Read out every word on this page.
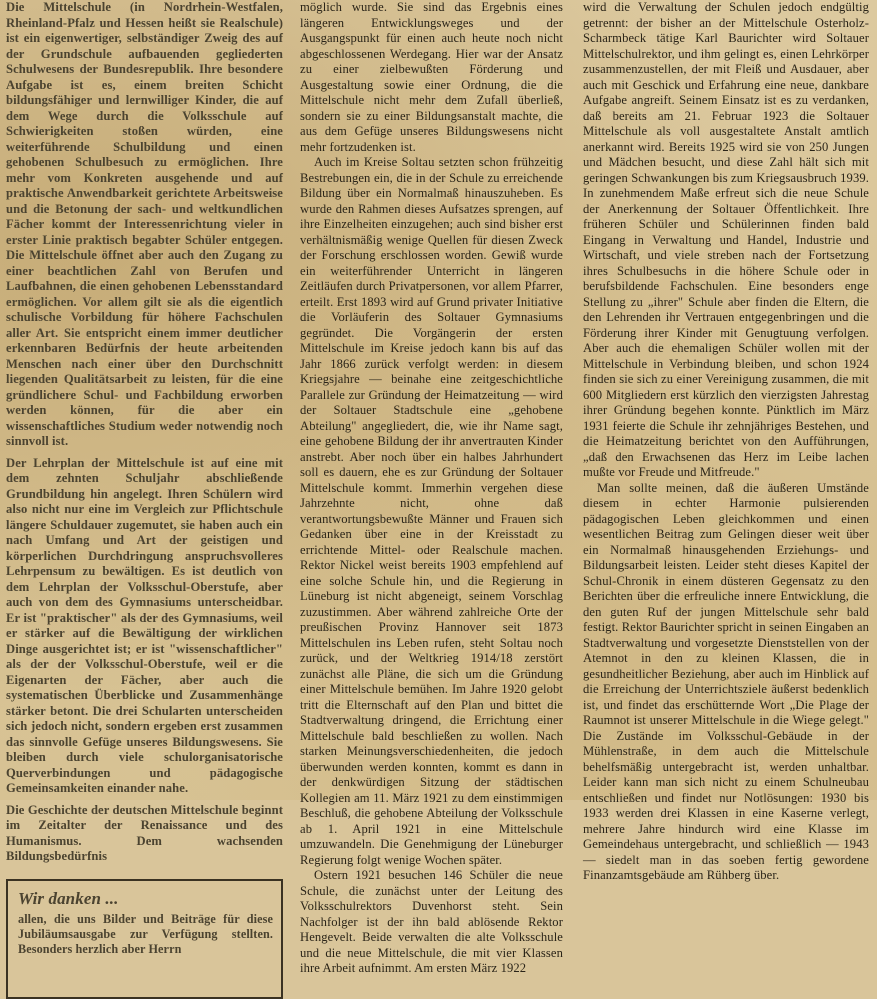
Die Mittelschule (in Nordrhein-Westfalen, Rheinland-Pfalz und Hessen heißt sie Realschule) ist ein eigenwertiger, selbständiger Zweig des auf der Grundschule aufbauenden gegliederten Schulwesens der Bundesrepublik. Ihre besondere Aufgabe ist es, einem breiten Schicht bildungsfähiger und lernwilliger Kinder, die auf dem Wege durch die Volksschule auf Schwierigkeiten stoßen würden, eine weiterführende Schulbildung und einen gehobenen Schulbesuch zu ermöglichen. Ihre mehr vom Konkreten ausgehende und auf praktische Anwendbarkeit gerichtete Arbeitsweise und die Betonung der sach- und weltkundlichen Fächer kommt der Interessenrichtung vieler in erster Linie praktisch begabter Schüler entgegen. Die Mittelschule öffnet aber auch den Zugang zu einer beachtlichen Zahl von Berufen und Laufbahnen, die einen gehobenen Lebensstandard ermöglichen. Vor allem gilt sie als die eigentlich schulische Vorbildung für höhere Fachschulen aller Art. Sie entspricht einem immer deutlicher erkennbaren Bedürfnis der heute arbeitenden Menschen nach einer über den Durchschnitt liegenden Qualitätsarbeit zu leisten, für die eine gründlichere Schul- und Fachbildung erworben werden können, für die aber ein wissenschaftliches Studium weder notwendig noch sinnvoll ist.

Der Lehrplan der Mittelschule ist auf eine mit dem zehnten Schuljahr abschließende Grundbildung hin angelegt. Ihren Schülern wird also nicht nur eine im Vergleich zur Pflichtschule längere Schuldauer zugemutet, sie haben auch ein nach Umfang und Art der geistigen und körperlichen Durchdringung anspruchsvolleres Lehrpensum zu bewältigen. Es ist deutlich von dem Lehrplan der Volksschul-Oberstufe, aber auch von dem des Gymnasiums unterscheidbar. Er ist "praktischer" als der des Gymnasiums, weil er stärker auf die Bewältigung der wirklichen Dinge ausgerichtet ist; er ist "wissenschaftlicher" als der der Volksschul-Oberstufe, weil er die Eigenarten der Fächer, aber auch die systematischen Überblicke und Zusammenhänge stärker betont. Die drei Schularten unterscheiden sich jedoch nicht, sondern ergeben erst zusammen das sinnvolle Gefüge unseres Bildungswesens. Sie bleiben durch viele schulorganisatorische Querverbindungen und pädagogische Gemeinsamkeiten einander nahe.

Die Geschichte der deutschen Mittelschule beginnt im Zeitalter der Renaissance und des Humanismus. Dem wachsenden Bildungsbedürfnis

Wir danken ...
allen, die uns Bilder und Beiträge für diese Jubiläumsausgabe zur Verfügung stellten. Besonders herzlich aber Herrn

möglich wurde. Sie sind das Ergebnis eines längeren Entwicklungsweges und der Ausgangspunkt für einen auch heute noch nicht abgeschlossenen Werdegang. Hier war der Ansatz zu einer zielbewußten Förderung und Ausgestaltung sowie einer Ordnung, die die Mittelschule nicht mehr dem Zufall überließ, sondern sie zu einer Bildungsanstalt machte, die aus dem Gefüge unseres Bildungswesens nicht mehr fortzudenken ist.

Auch im Kreise Soltau setzten schon frühzeitig Bestrebungen ein, die in der Schule zu erreichende Bildung über ein Normalmaß hinauszuheben. Es wurde den Rahmen dieses Aufsatzes sprengen, auf ihre Einzelheiten einzugehen; auch sind bisher erst verhältnismäßig wenige Quellen für diesen Zweck der Forschung erschlossen worden. Gewiß wurde ein weiterführender Unterricht in längeren Zeitläufen durch Privatpersonen, vor allem Pfarrer, erteilt. Erst 1893 wird auf Grund privater Initiative die Vorläuferin des Soltauer Gymnasiums gegründet. Die Vorgängerin der ersten Mittelschule im Kreise jedoch kann bis auf das Jahr 1866 zurück verfolgt werden: in diesem Kriegsjahre — beinahe eine zeitgeschichtliche Parallele zur Gründung der Heimatzeitung — wird der Soltauer Stadtschule eine „gehobene Abteilung" angegliedert, die, wie ihr Name sagt, eine gehobene Bildung der ihr anvertrauten Kinder anstrebt. Aber noch über ein halbes Jahrhundert soll es dauern, ehe es zur Gründung der Soltauer Mittelschule kommt. Immerhin vergehen diese Jahrzehnte nicht, ohne daß verantwortungsbewußte Männer und Frauen sich Gedanken über eine in der Kreisstadt zu errichtende Mittel- oder Realschule machen. Rektor Nickel weist bereits 1903 empfehlend auf eine solche Schule hin, und die Regierung in Lüneburg ist nicht abgeneigt, seinem Vorschlag zuzustimmen. Aber während zahlreiche Orte der preußischen Provinz Hannover seit 1873 Mittelschulen ins Leben rufen, steht Soltau noch zurück, und der Weltkrieg 1914/18 zerstört zunächst alle Pläne, die sich um die Gründung einer Mittelschule bemühen. Im Jahre 1920 gelobt tritt die Elternschaft auf den Plan und bittet die Stadtverwaltung dringend, die Errichtung einer Mittelschule bald beschließen zu wollen. Nach starken Meinungsverschiedenheiten, die jedoch überwunden werden konnten, kommt es dann in der denkwürdigen Sitzung der städtischen Kollegien am 11. März 1921 zu dem einstimmigen Beschluß, die gehobene Abteilung der Volksschule ab 1. April 1921 in eine Mittelschule umzuwandeln. Die Genehmigung der Lüneburger Regierung folgt wenige Wochen später.

Ostern 1921 besuchen 146 Schüler die neue Schule, die zunächst unter der Leitung des Volksschulrektors Duvenhorst steht. Sein Nachfolger ist der ihn bald ablösende Rektor Hengevelt. Beide verwalten die alte Volksschule und die neue Mittelschule, die mit vier Klassen ihre Arbeit aufnimmt. Am ersten März 1922

wird die Verwaltung der Schulen jedoch endgültig getrennt: der bisher an der Mittelschule Osterholz-Scharmbeck tätige Karl Baurichter wird Soltauer Mittelschulrektor, und ihm gelingt es, einen Lehrkörper zusammenzustellen, der mit Fleiß und Ausdauer, aber auch mit Geschick und Erfahrung eine neue, dankbare Aufgabe angreift. Seinem Einsatz ist es zu verdanken, daß bereits am 21. Februar 1923 die Soltauer Mittelschule als voll ausgestaltete Anstalt amtlich anerkannt wird. Bereits 1925 wird sie von 250 Jungen und Mädchen besucht, und diese Zahl hält sich mit geringen Schwankungen bis zum Kriegsausbruch 1939. In zunehmendem Maße erfreut sich die neue Schule der Anerkennung der Soltauer Öffentlichkeit. Ihre früheren Schüler und Schülerinnen finden bald Eingang in Verwaltung und Handel, Industrie und Wirtschaft, und viele streben nach der Fortsetzung ihres Schulbesuchs in die höhere Schule oder in berufsbildende Fachschulen. Eine besonders enge Stellung zu „ihrer" Schule aber finden die Eltern, die den Lehrenden ihr Vertrauen entgegenbringen und die Förderung ihrer Kinder mit Genugtuung verfolgen. Aber auch die ehemaligen Schüler wollen mit der Mittelschule in Verbindung bleiben, und schon 1924 finden sie sich zu einer Vereinigung zusammen, die mit 600 Mitgliedern erst kürzlich den vierzigsten Jahrestag ihrer Gründung begehen konnte. Pünktlich im März 1931 feierte die Schule ihr zehnjähriges Bestehen, und die Heimatzeitung berichtet von den Aufführungen, „daß den Erwachsenen das Herz im Leibe lachen mußte vor Freude und Mitfreude."

Man sollte meinen, daß die äußeren Umstände diesem in echter Harmonie pulsierenden pädagogischen Leben gleichkommen und einen wesentlichen Beitrag zum Gelingen dieser weit über ein Normalmaß hinausgehenden Erziehungs- und Bildungsarbeit leisten. Leider steht dieses Kapitel der Schul-Chronik in einem düsteren Gegensatz zu den Berichten über die erfreuliche innere Entwicklung, die den guten Ruf der jungen Mittelschule sehr bald festigt. Rektor Baurichter spricht in seinen Eingaben an Stadtverwaltung und vorgesetzte Dienststellen von der Atemnot in den zu kleinen Klassen, die in gesundheitlicher Beziehung, aber auch im Hinblick auf die Erreichung der Unterrichtsziele äußerst bedenklich ist, und findet das erschütternde Wort „Die Plage der Raumnot ist unserer Mittelschule in die Wiege gelegt." Die Zustände im Volksschul-Gebäude in der Mühlenstraße, in dem auch die Mittelschule behelfsmäßig untergebracht ist, werden unhaltbar. Leider kann man sich nicht zu einem Schulneubau entschließen und findet nur Notlösungen: 1930 bis 1933 werden drei Klassen in eine Kaserne verlegt, mehrere Jahre hindurch wird eine Klasse im Gemeindehaus untergebracht, und schließlich — 1943 — siedelt man in das soeben fertig gewordene Finanzamtsgebäude am Rühberg über.
